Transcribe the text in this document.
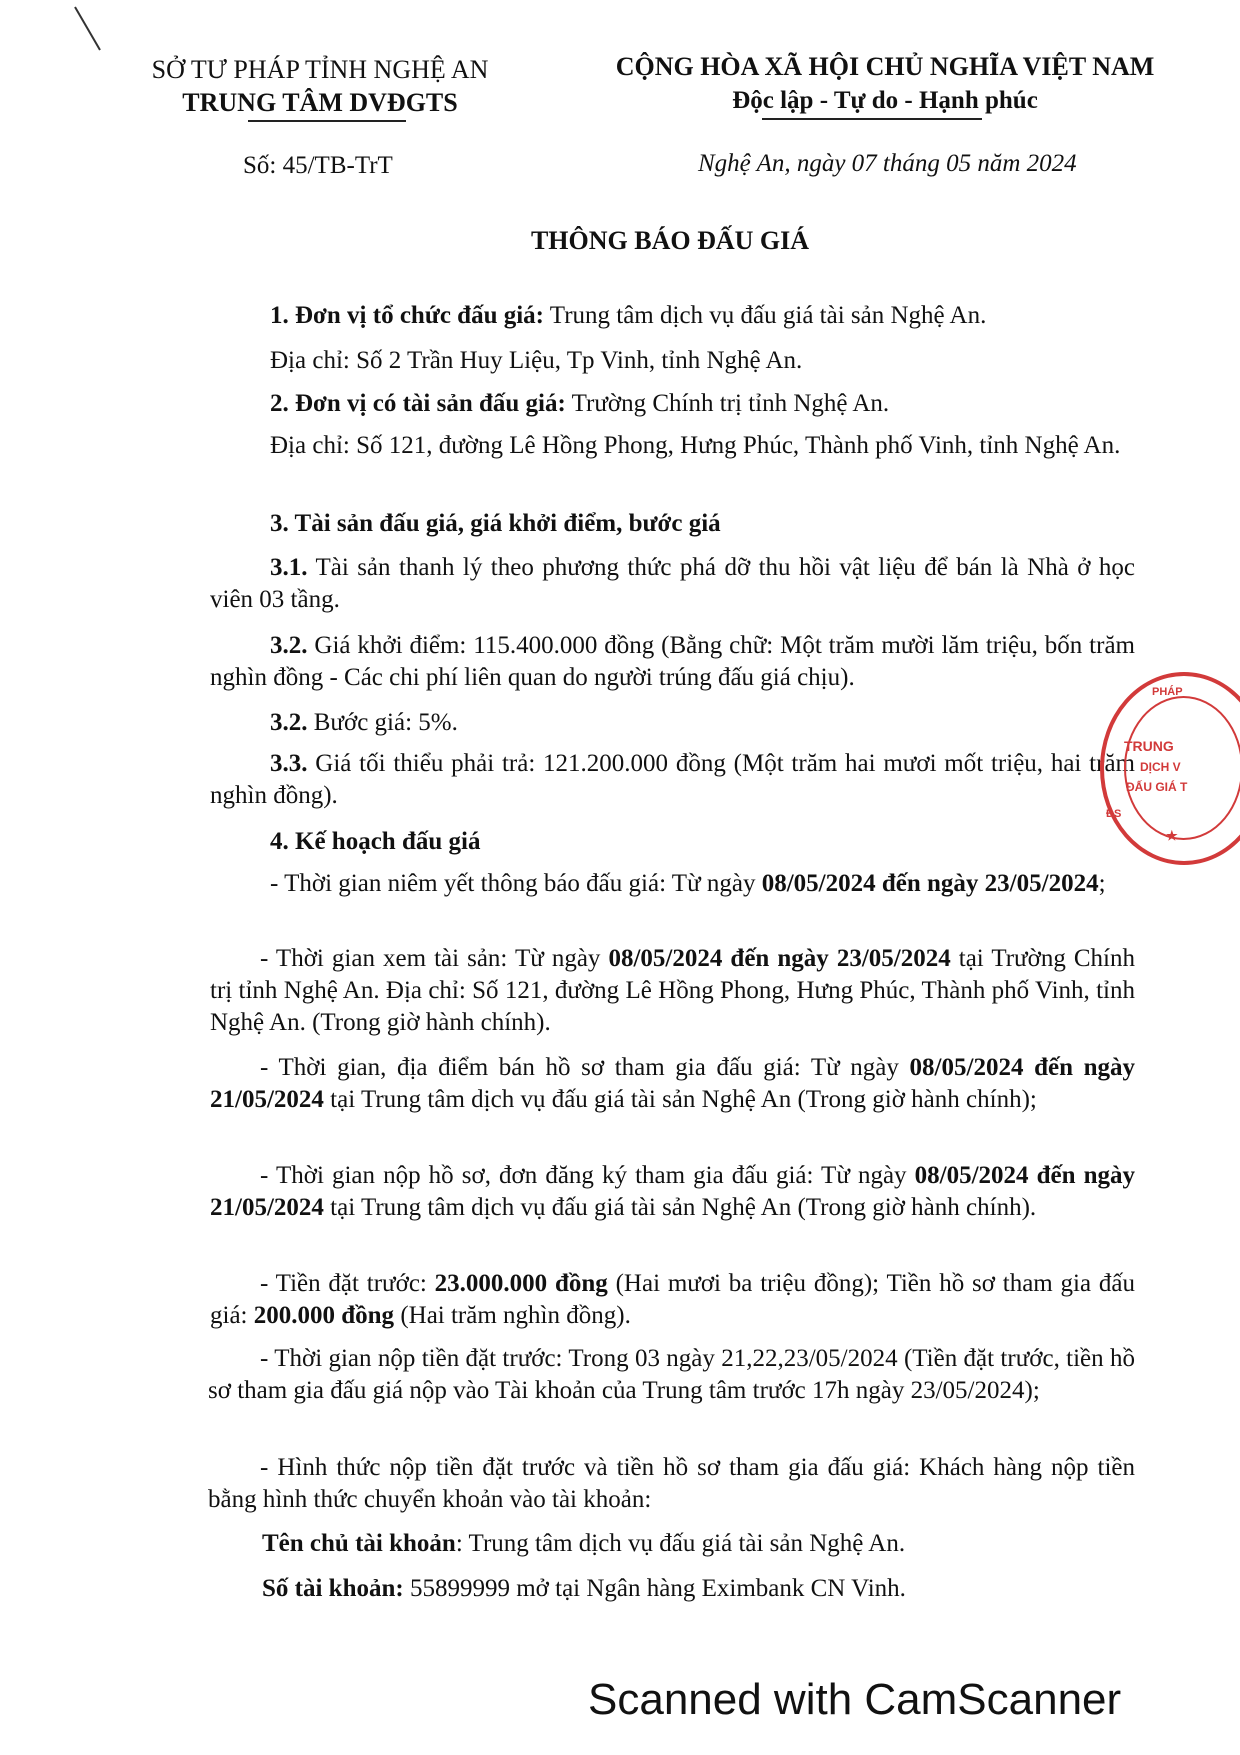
SỞ TƯ PHÁP TỈNH NGHỆ AN
TRUNG TÂM DVĐGTS
CỘNG HÒA XÃ HỘI CHỦ NGHĨA VIỆT NAM
Độc lập - Tự do - Hạnh phúc
Số: 45/TB-TrT	Nghệ An, ngày 07 tháng 05 năm 2024
THÔNG BÁO ĐẤU GIÁ
1. Đơn vị tổ chức đấu giá: Trung tâm dịch vụ đấu giá tài sản Nghệ An.
Địa chỉ: Số 2 Trần Huy Liệu, Tp Vinh, tỉnh Nghệ An.
2. Đơn vị có tài sản đấu giá: Trường Chính trị tỉnh Nghệ An.
Địa chỉ: Số 121, đường Lê Hồng Phong, Hưng Phúc, Thành phố Vinh, tỉnh Nghệ An.
3. Tài sản đấu giá, giá khởi điểm, bước giá
3.1. Tài sản thanh lý theo phương thức phá dỡ thu hồi vật liệu để bán là Nhà ở học viên 03 tầng.
3.2. Giá khởi điểm: 115.400.000 đồng (Bằng chữ: Một trăm mười lăm triệu, bốn trăm nghìn đồng - Các chi phí liên quan do người trúng đấu giá chịu).
3.2. Bước giá: 5%.
3.3. Giá tối thiểu phải trả: 121.200.000 đồng (Một trăm hai mươi mốt triệu, hai trăm nghìn đồng).
4. Kế hoạch đấu giá
- Thời gian niêm yết thông báo đấu giá: Từ ngày 08/05/2024 đến ngày 23/05/2024;
- Thời gian xem tài sản: Từ ngày 08/05/2024 đến ngày 23/05/2024 tại Trường Chính trị tỉnh Nghệ An. Địa chỉ: Số 121, đường Lê Hồng Phong, Hưng Phúc, Thành phố Vinh, tỉnh Nghệ An. (Trong giờ hành chính).
- Thời gian, địa điểm bán hồ sơ tham gia đấu giá: Từ ngày 08/05/2024 đến ngày 21/05/2024 tại Trung tâm dịch vụ đấu giá tài sản Nghệ An (Trong giờ hành chính);
- Thời gian nộp hồ sơ, đơn đăng ký tham gia đấu giá: Từ ngày 08/05/2024 đến ngày 21/05/2024 tại Trung tâm dịch vụ đấu giá tài sản Nghệ An (Trong giờ hành chính).
- Tiền đặt trước: 23.000.000 đồng (Hai mươi ba triệu đồng); Tiền hồ sơ tham gia đấu giá: 200.000 đồng (Hai trăm nghìn đồng).
- Thời gian nộp tiền đặt trước: Trong 03 ngày 21,22,23/05/2024 (Tiền đặt trước, tiền hồ sơ tham gia đấu giá nộp vào Tài khoản của Trung tâm trước 17h ngày 23/05/2024);
- Hình thức nộp tiền đặt trước và tiền hồ sơ tham gia đấu giá: Khách hàng nộp tiền bằng hình thức chuyển khoản vào tài khoản:
Tên chủ tài khoản: Trung tâm dịch vụ đấu giá tài sản Nghệ An.
Số tài khoản: 55899999 mở tại Ngân hàng Eximbank CN Vinh.
PHÁP
TRUNG
DỊCH V
ĐẤU GIÁ T
ĐS
★
Scanned with CamScanner
